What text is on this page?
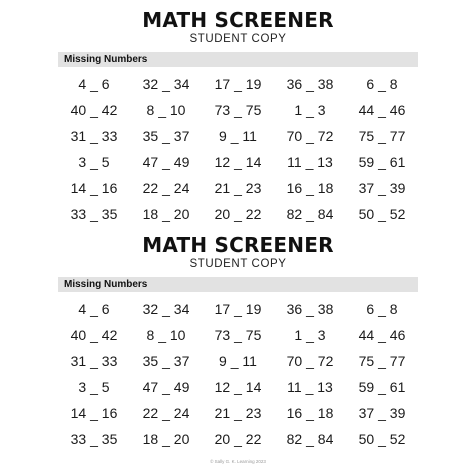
MATH SCREENER
STUDENT COPY
Missing Numbers
4 _ 6	32 _ 34	17 _ 19	36 _ 38	6 _ 8
40 _ 42	8 _ 10	73 _ 75	1 _ 3	44 _ 46
31 _ 33	35 _ 37	9 _ 11	70 _ 72	75 _ 77
3 _ 5	47 _ 49	12 _ 14	11 _ 13	59 _ 61
14 _ 16	22 _ 24	21 _ 23	16 _ 18	37 _ 39
33 _ 35	18 _ 20	20 _ 22	82 _ 84	50 _ 52
MATH SCREENER
STUDENT COPY
Missing Numbers
4 _ 6	32 _ 34	17 _ 19	36 _ 38	6 _ 8
40 _ 42	8 _ 10	73 _ 75	1 _ 3	44 _ 46
31 _ 33	35 _ 37	9 _ 11	70 _ 72	75 _ 77
3 _ 5	47 _ 49	12 _ 14	11 _ 13	59 _ 61
14 _ 16	22 _ 24	21 _ 23	16 _ 18	37 _ 39
33 _ 35	18 _ 20	20 _ 22	82 _ 84	50 _ 52
© Sally G. K. Learning 2023
